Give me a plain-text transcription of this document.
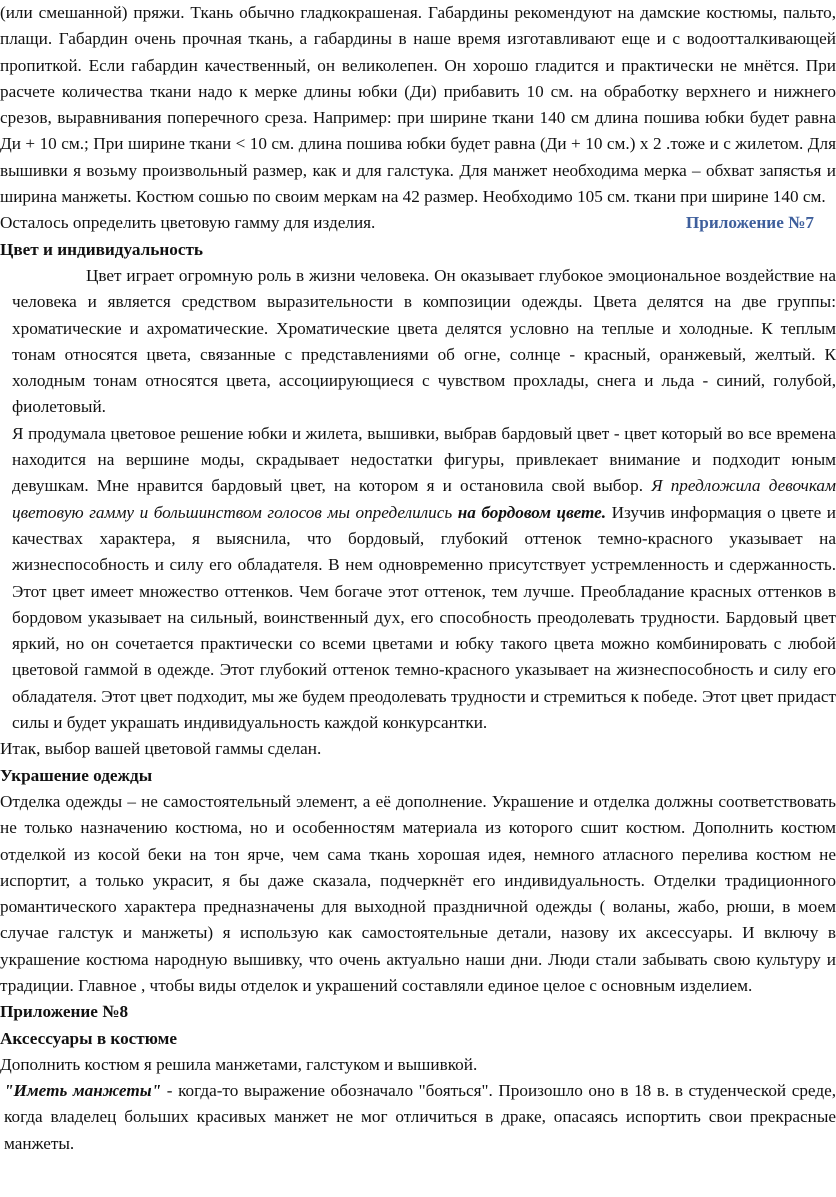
(или смешанной) пряжи. Ткань обычно гладкокрашеная. Габардины рекомендуют на дамские костюмы, пальто, плащи. Габардин очень прочная ткань, а габардины в наше время изготавливают еще и с водоотталкивающей пропиткой. Если габардин качественный, он великолепен. Он хорошо гладится и практически не мнётся. При расчете количества ткани надо к мерке длины юбки (Ди) прибавить 10 см. на обработку верхнего и нижнего срезов, выравнивания поперечного среза. Например: при ширине ткани 140 см длина пошива юбки будет равна Ди + 10 см.; При ширине ткани < 10 см. длина пошива юбки будет равна (Ди + 10 см.) х 2 .тоже и с жилетом. Для вышивки я возьму произвольный размер, как и для галстука. Для манжет необходима мерка – обхват запястья и ширина манжеты. Костюм сошью по своим меркам на 42 размер. Необходимо 105 см. ткани при ширине 140 см.

Приложение №7
Осталось определить цветовую гамму для изделия.

Цвет и индивидуальность

Цвет играет огромную роль в жизни человека. Он оказывает глубокое эмоциональное воздействие на человека и является средством выразительности в композиции одежды. Цвета делятся на две группы: хроматические и ахроматические. Хроматические цвета делятся условно на теплые и холодные. К теплым тонам относятся цвета, связанные с представлениями об огне, солнце - красный, оранжевый, желтый. К холодным тонам относятся цвета, ассоциирующиеся с чувством прохлады, снега и льда - синий, голубой, фиолетовый.

Я продумала цветовое решение юбки и жилета, вышивки, выбрав бардовый цвет - цвет который во все времена находится на вершине моды, скрадывает недостатки фигуры, привлекает внимание и подходит юным девушкам. Мне нравится бардовый цвет, на котором я и остановила свой выбор. Я предложила девочкам цветовую гамму и большинством голосов мы определились на бордовом цвете. Изучив информация о цвете и качествах характера, я выяснила, что бордовый, глубокий оттенок темно-красного указывает на жизнеспособность и силу его обладателя. В нем одновременно присутствует устремленность и сдержанность. Этот цвет имеет множество оттенков. Чем богаче этот оттенок, тем лучше. Преобладание красных оттенков в бордовом указывает на сильный, воинственный дух, его способность преодолевать трудности. Бардовый цвет яркий, но он сочетается практически со всеми цветами и юбку такого цвета можно комбинировать с любой цветовой гаммой в одежде. Этот глубокий оттенок темно-красного указывает на жизнеспособность и силу его обладателя. Этот цвет подходит, мы же будем преодолевать трудности и стремиться к победе. Этот цвет придаст силы и будет украшать индивидуальность каждой конкурсантки.

Итак, выбор вашей цветовой гаммы сделан.

Украшение одежды

Отделка одежды – не самостоятельный элемент, а её дополнение. Украшение и отделка должны соответствовать не только назначению костюма, но и особенностям материала из которого сшит костюм. Дополнить костюм отделкой из косой беки на тон ярче, чем сама ткань хорошая идея, немного атласного перелива костюм не испортит, а только украсит, я бы даже сказала, подчеркнёт его индивидуальность. Отделки традиционного романтического характера предназначены для выходной праздничной одежды ( воланы, жабо, рюши, в моем случае галстук и манжеты) я использую как самостоятельные детали, назову их аксессуары. И включу в украшение костюма народную вышивку, что очень актуально наши дни. Люди стали забывать свою культуру и традиции. Главное , чтобы виды отделок и украшений составляли единое целое с основным изделием.

Приложение №8

Аксессуары в костюме

Дополнить костюм я решила манжетами, галстуком и вышивкой.

"Иметь манжеты" - когда-то выражение обозначало "бояться". Произошло оно в 18 в. в студенческой среде, когда владелец больших красивых манжет не мог отличиться в драке, опасаясь испортить свои прекрасные манжеты.
